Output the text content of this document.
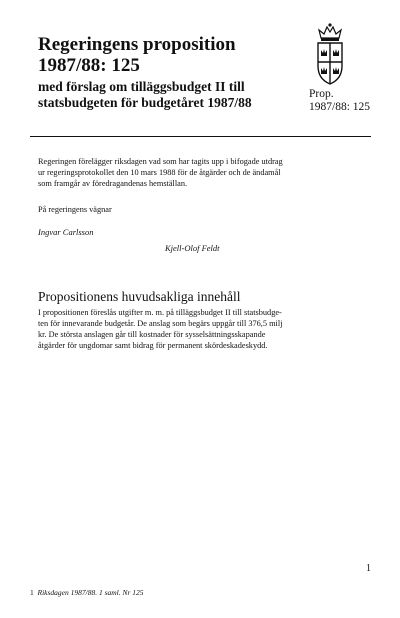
Regeringens proposition
1987/88: 125
med förslag om tilläggsbudget II till
statsbudgeten för budgetåret 1987/88
Prop.
1987/88: 125
Regeringen förelägger riksdagen vad som har tagits upp i bifogade utdrag
ur regeringsprotokollet den 10 mars 1988 för de åtgärder och de ändamål
som framgår av föredragandenas hemställan.
På regeringens vägnar
Ingvar Carlsson
Kjell-Olof Feldt
Propositionens huvudsakliga innehåll
I propositionen föreslås utgifter m. m. på tilläggsbudget II till statsbudge-
ten för innevarande budgetår. De anslag som begärs uppgår till 376,5 milj
kr. De största anslagen går till kostnader för sysselsättningsskapande
åtgärder för ungdomar samt bidrag för permanent skördeskadeskydd.
1
1 Riksdagen 1987/88. 1 saml. Nr 125
